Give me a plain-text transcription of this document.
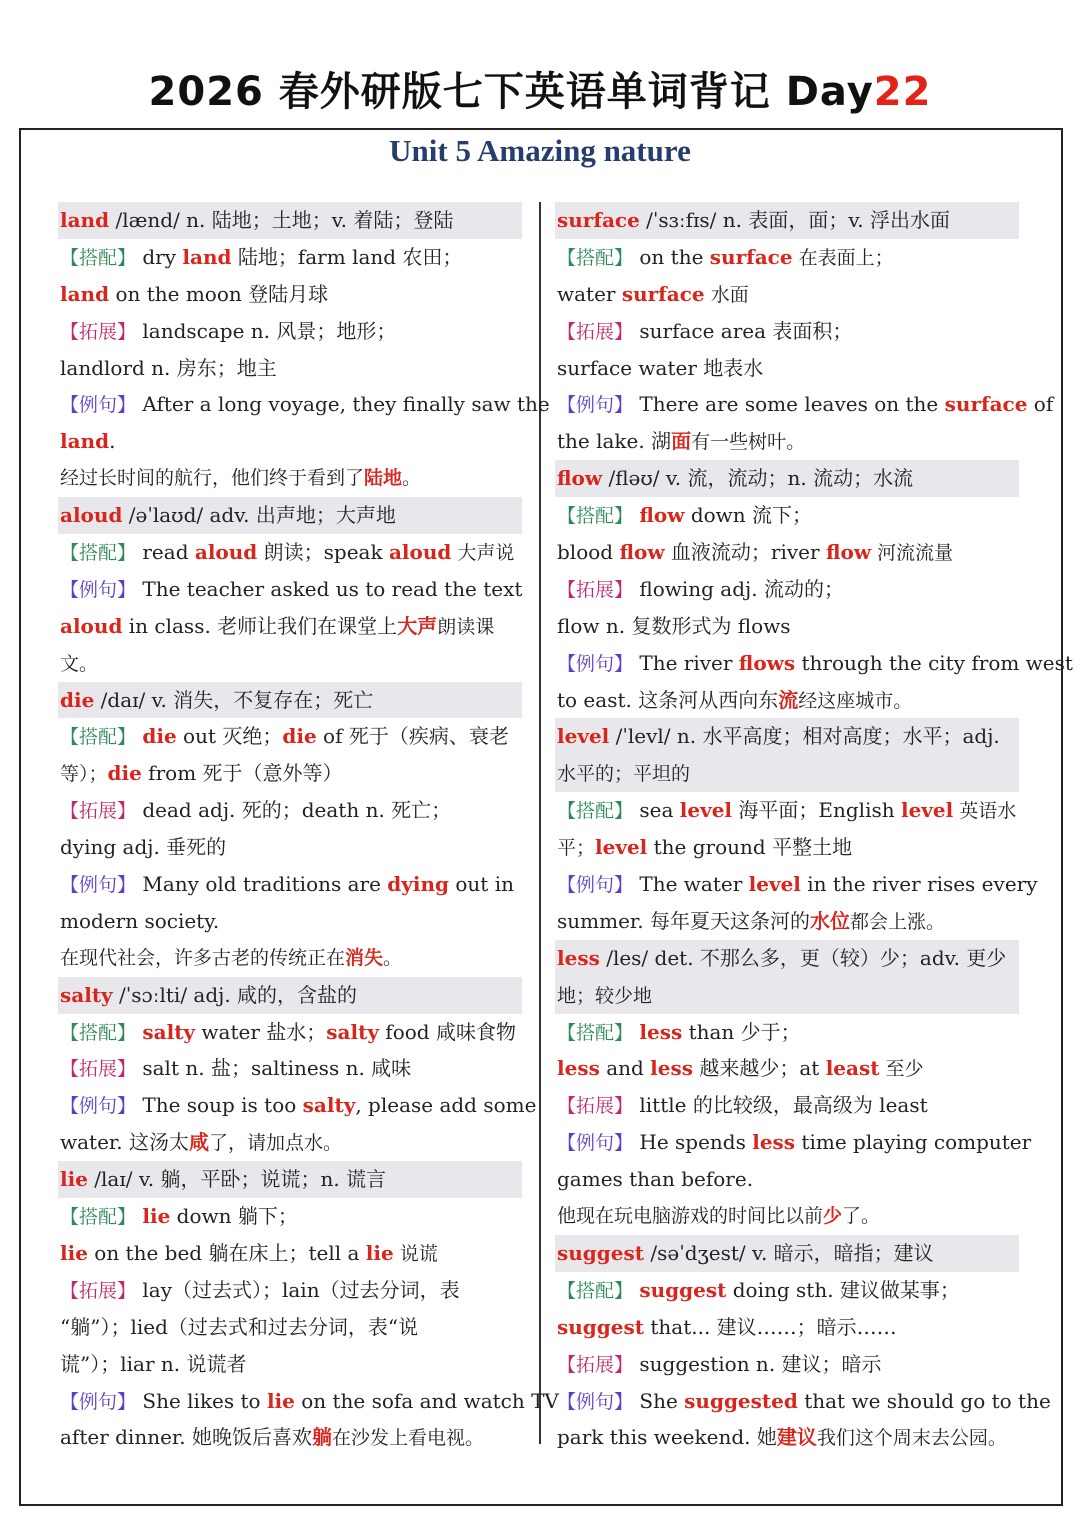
2026 春外研版七下英语单词背记 Day22
Unit 5 Amazing nature
land /lænd/ n. 陆地；土地；v. 着陆；登陆
【搭配】 dry land 陆地；farm land 农田；
land on the moon 登陆月球
【拓展】 landscape n. 风景；地形；
landlord n. 房东；地主
【例句】 After a long voyage, they finally saw the
land.
经过长时间的航行，他们终于看到了陆地。
aloud /əˈlaʊd/ adv. 出声地；大声地
【搭配】 read aloud 朗读；speak aloud 大声说
【例句】 The teacher asked us to read the text
aloud in class. 老师让我们在课堂上大声朗读课
文。
die /daɪ/ v. 消失，不复存在；死亡
【搭配】 die out 灭绝；die of 死于（疾病、衰老
等）；die from 死于（意外等）
【拓展】 dead adj. 死的；death n. 死亡；
dying adj. 垂死的
【例句】 Many old traditions are dying out in
modern society.
在现代社会，许多古老的传统正在消失。
salty /ˈsɔːlti/ adj. 咸的，含盐的
【搭配】 salty water 盐水；salty food 咸味食物
【拓展】 salt n. 盐；saltiness n. 咸味
【例句】 The soup is too salty, please add some
water. 这汤太咸了，请加点水。
lie /laɪ/ v. 躺，平卧；说谎；n. 谎言
【搭配】 lie down 躺下；
lie on the bed 躺在床上；tell a lie 说谎
【拓展】 lay（过去式）；lain（过去分词，表
“躺”）；lied（过去式和过去分词，表“说
谎”）；liar n. 说谎者
【例句】 She likes to lie on the sofa and watch TV
after dinner. 她晚饭后喜欢躺在沙发上看电视。
surface /ˈsɜːfɪs/ n. 表面，面；v. 浮出水面
【搭配】 on the surface 在表面上；
water surface 水面
【拓展】 surface area 表面积；
surface water 地表水
【例句】 There are some leaves on the surface of
the lake. 湖面有一些树叶。
flow /fləʊ/ v. 流，流动；n. 流动；水流
【搭配】 flow down 流下；
blood flow 血液流动；river flow 河流流量
【拓展】 flowing adj. 流动的；
flow n. 复数形式为 flows
【例句】 The river flows through the city from west
to east. 这条河从西向东流经这座城市。
level /ˈlevl/ n. 水平高度；相对高度；水平；adj.
水平的；平坦的
【搭配】 sea level 海平面；English level 英语水
平；level the ground 平整土地
【例句】 The water level in the river rises every
summer. 每年夏天这条河的水位都会上涨。
less /les/ det. 不那么多，更（较）少；adv. 更少
地；较少地
【搭配】 less than 少于；
less and less 越来越少；at least 至少
【拓展】 little 的比较级，最高级为 least
【例句】 He spends less time playing computer
games than before.
他现在玩电脑游戏的时间比以前少了。
suggest /səˈdʒest/ v. 暗示，暗指；建议
【搭配】 suggest doing sth. 建议做某事；
suggest that... 建议……；暗示……
【拓展】 suggestion n. 建议；暗示
【例句】 She suggested that we should go to the
park this weekend. 她建议我们这个周末去公园。
